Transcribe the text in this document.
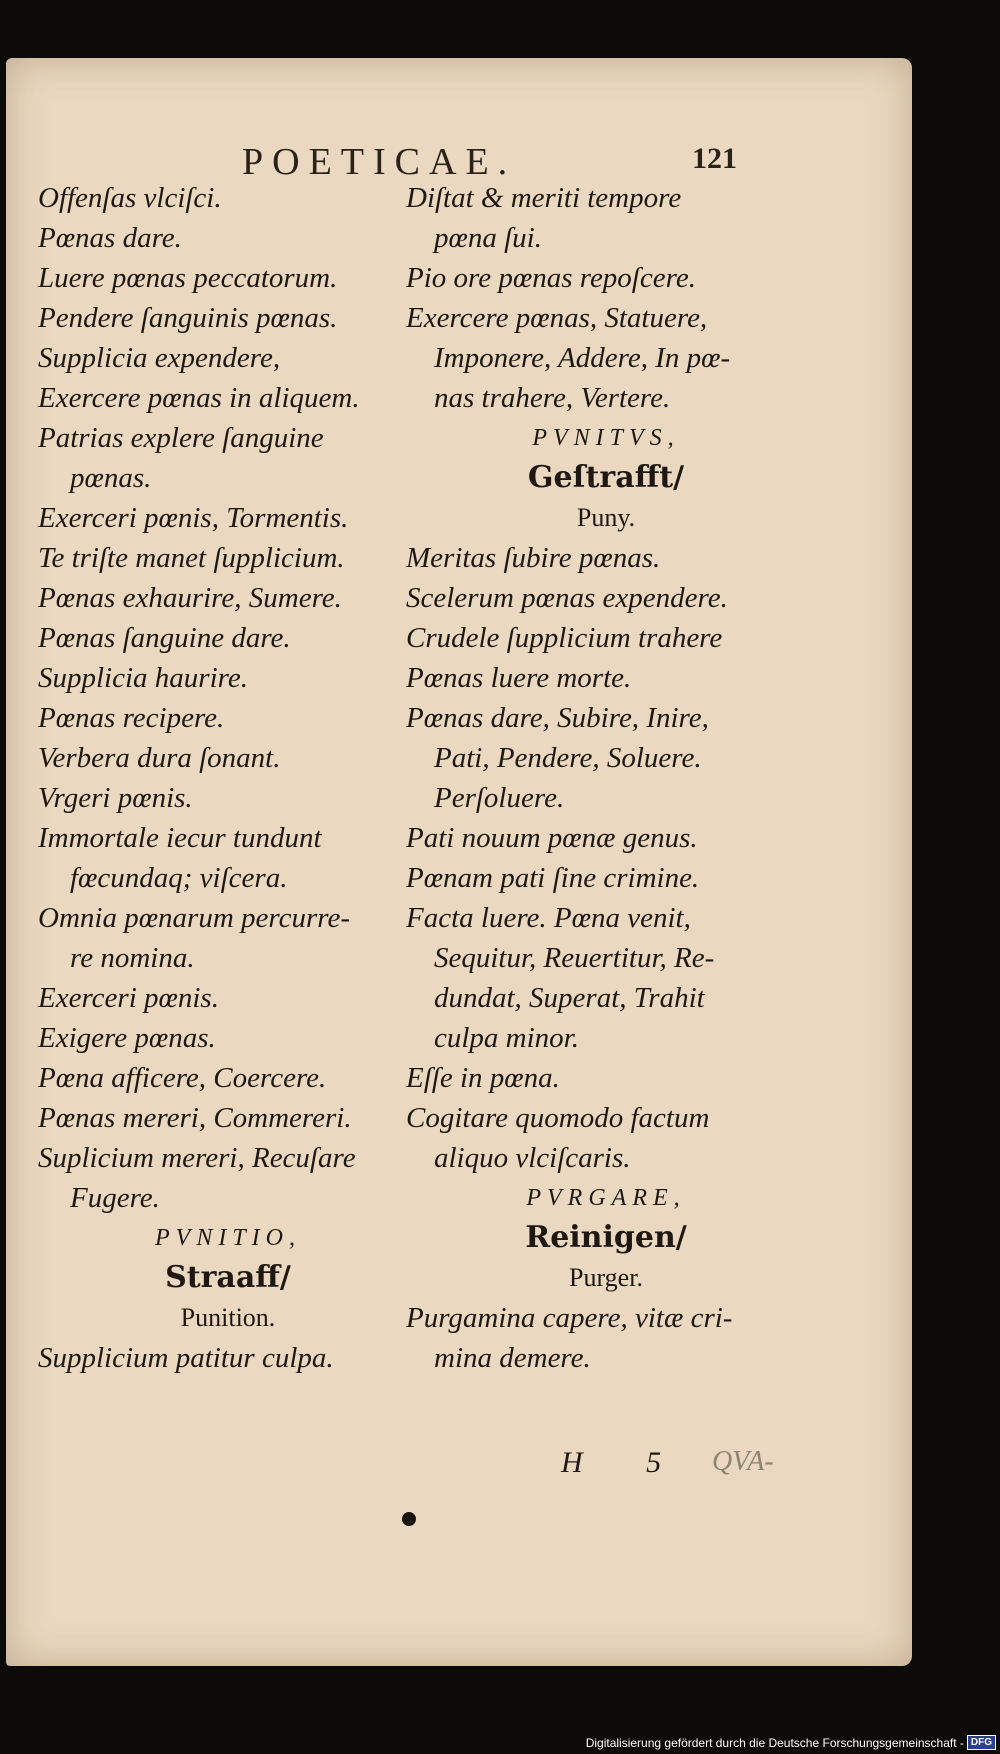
POETICAE.	121
Offenſas vlciſci.
Pœnas dare.
Luere pœnas peccatorum.
Pendere ſanguinis pœnas.
Supplicia expendere,
Exercere pœnas in aliquem.
Patrias explere ſanguine
pœnas.
Exerceri pœnis, Tormentis.
Te triſte manet ſupplicium.
Pœnas exhaurire, Sumere.
Pœnas ſanguine dare.
Supplicia haurire.
Pœnas recipere.
Verbera dura ſonant.
Vrgeri pœnis.
Immortale iecur tundunt
fœcundaq; viſcera.
Omnia pœnarum percurre-
re nomina.
Exerceri pœnis.
Exigere pœnas.
Pœna afficere, Coercere.
Pœnas mereri, Commereri.
Suplicium mereri, Recuſare
Fugere.
PVNITIO,
Straaff/
Punition.
Supplicium patitur culpa.
Diſtat & meriti tempore
pœna ſui.
Pio ore pœnas repoſcere.
Exercere pœnas, Statuere,
Imponere, Addere, In pœ-
nas trahere, Vertere.
PVNITVS,
Geſtrafft/
Puny.
Meritas ſubire pœnas.
Scelerum pœnas expendere.
Crudele ſupplicium trahere
Pœnas luere morte.
Pœnas dare, Subire, Inire,
Pati, Pendere, Soluere.
Perſoluere.
Pati nouum pœnæ genus.
Pœnam pati ſine crimine.
Facta luere. Pœna venit,
Sequitur, Reuertitur, Re-
dundat, Superat, Trahit
culpa minor.
Eſſe in pœna.
Cogitare quomodo factum
aliquo vlciſcaris.
PVRGARE,
Reinigen/
Purger.
Purgamina capere, vitæ cri-
mina demere.
H 5 QVA-
Digitalisierung gefördert durch die Deutsche Forschungsgemeinschaft - DFG
